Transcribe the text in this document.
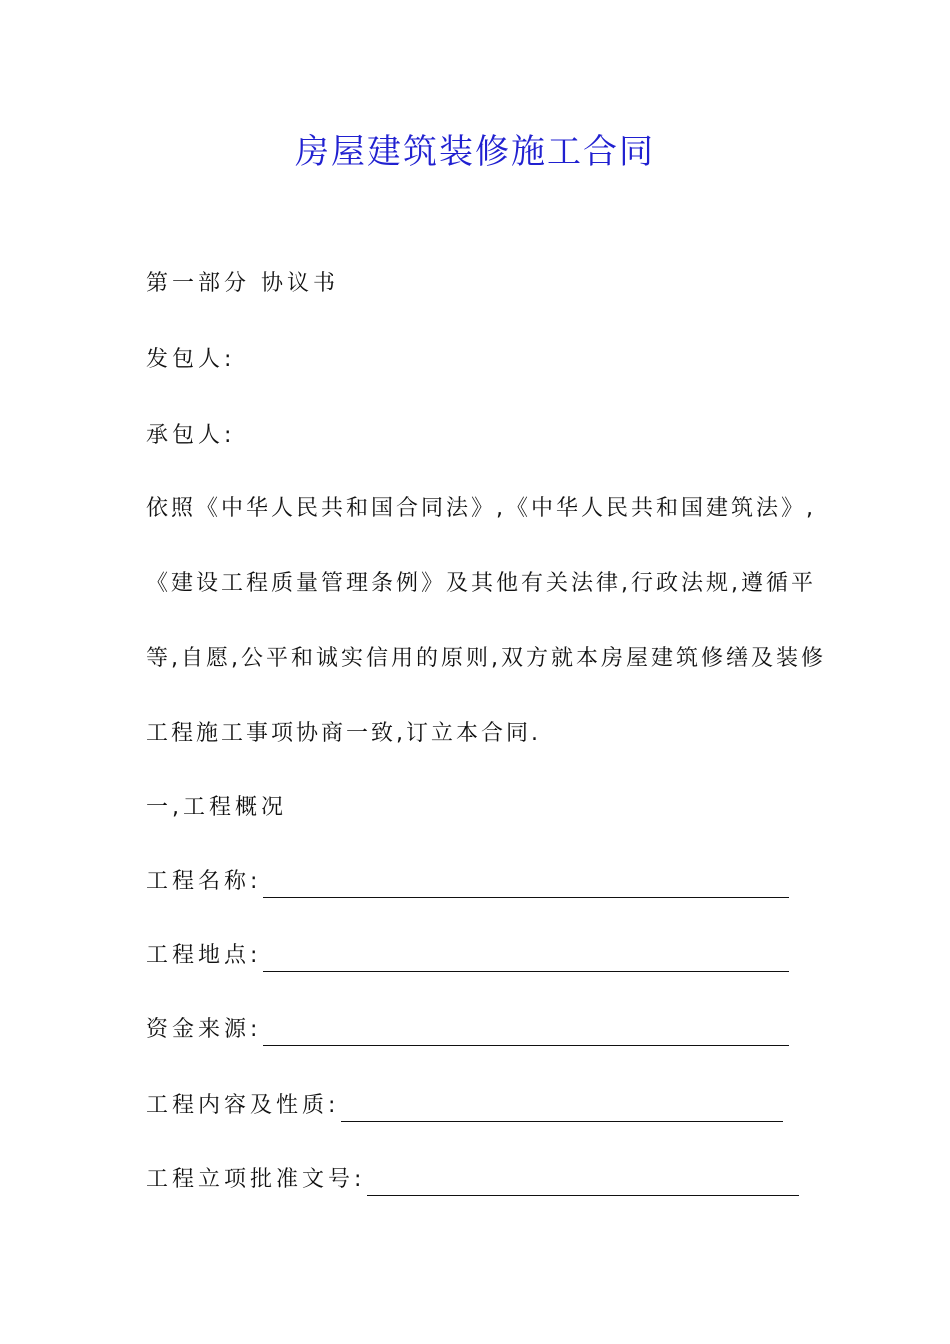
房屋建筑装修施工合同
第一部分 协议书
发包人:
承包人:
依照《中华人民共和国合同法》,《中华人民共和国建筑法》,
《建设工程质量管理条例》及其他有关法律,行政法规,遵循平
等,自愿,公平和诚实信用的原则,双方就本房屋建筑修缮及装修
工程施工事项协商一致,订立本合同.
一,工程概况
工程名称:
工程地点:
资金来源:
工程内容及性质:
工程立项批准文号:
